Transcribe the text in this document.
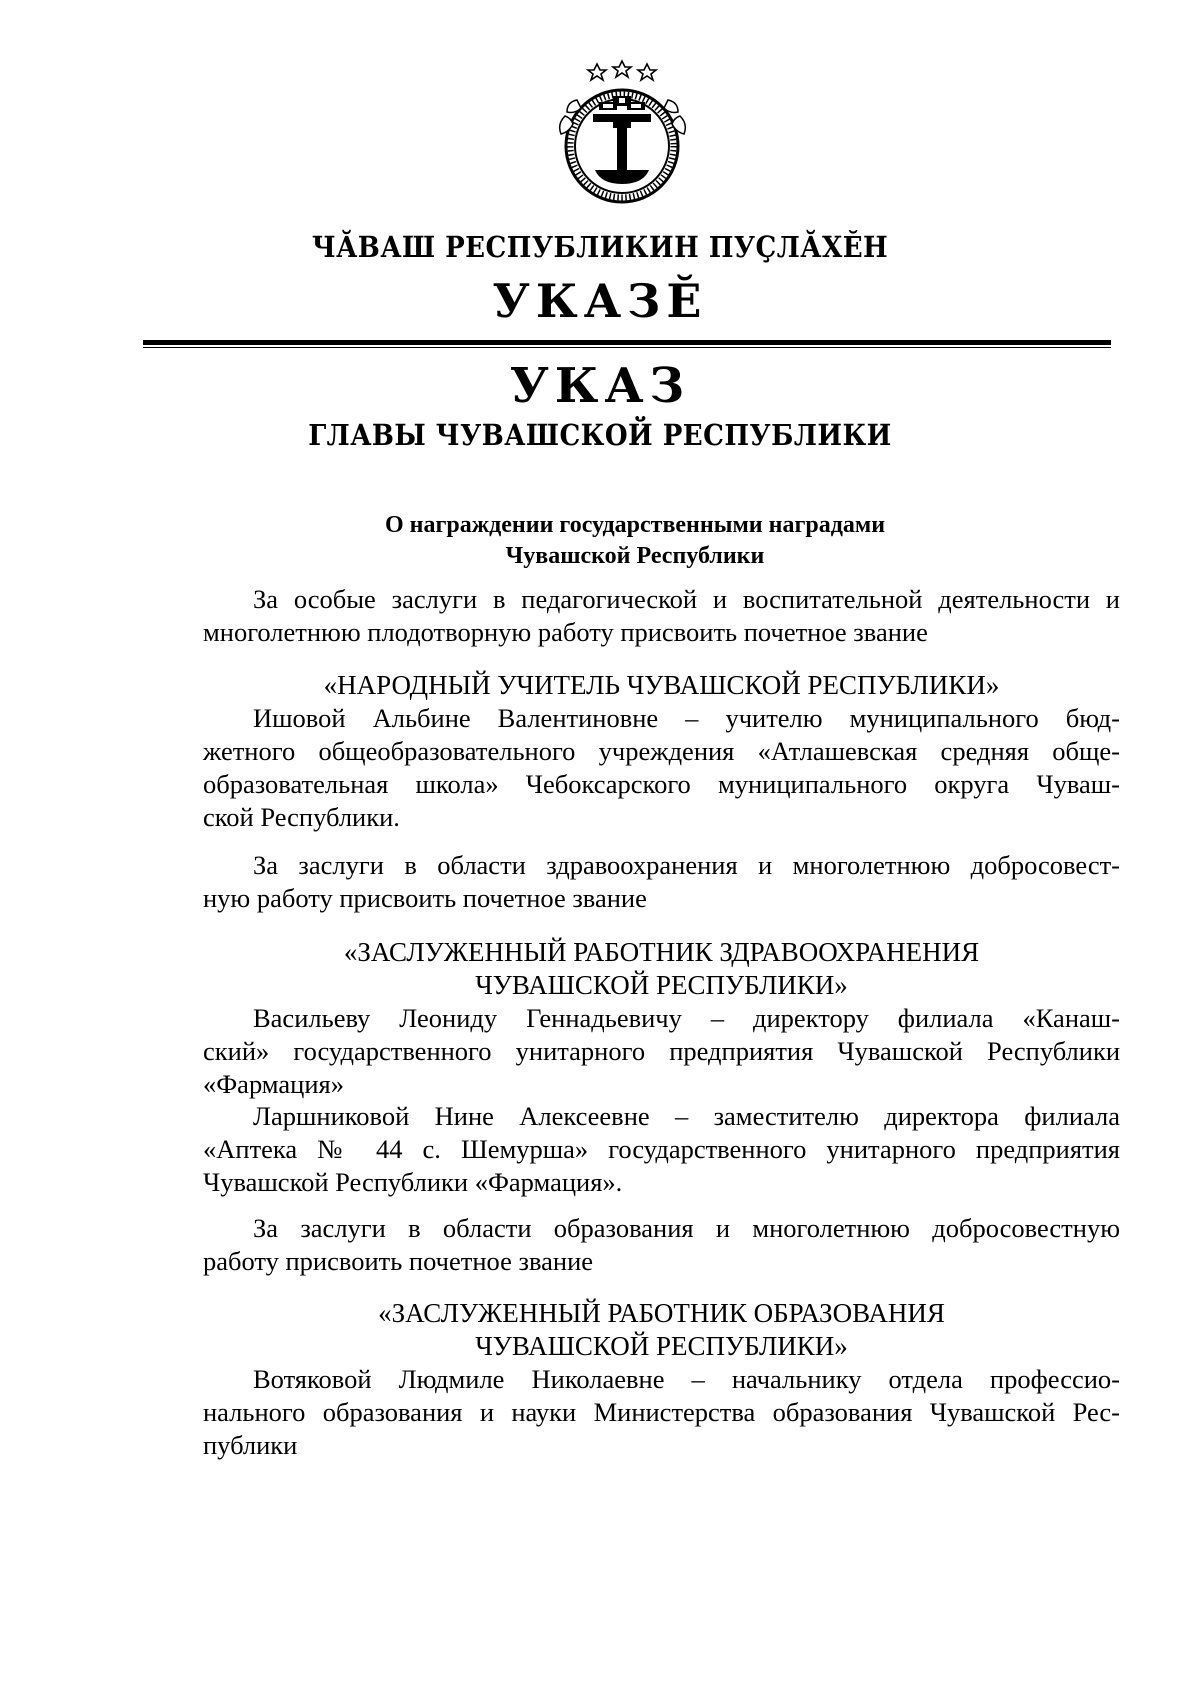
ЧӐВАШ РЕСПУБЛИКИН ПУҪЛӐХӖН
УКАЗӖ
УКАЗ
ГЛАВЫ ЧУВАШСКОЙ РЕСПУБЛИКИ
О награждении государственными наградами
Чувашской Республики
За особые заслуги в педагогической и воспитательной деятельности и
многолетнюю плодотворную работу присвоить почетное звание
«НАРОДНЫЙ УЧИТЕЛЬ ЧУВАШСКОЙ РЕСПУБЛИКИ»
Ишовой Альбине Валентиновне – учителю муниципального бюд-
жетного общеобразовательного учреждения «Атлашевская средняя обще-
образовательная школа» Чебоксарского муниципального округа Чуваш-
ской Республики.
За заслуги в области здравоохранения и многолетнюю добросовест-
ную работу присвоить почетное звание
«ЗАСЛУЖЕННЫЙ РАБОТНИК ЗДРАВООХРАНЕНИЯ
ЧУВАШСКОЙ РЕСПУБЛИКИ»
Васильеву Леониду Геннадьевичу – директору филиала «Канаш-
ский» государственного унитарного предприятия Чувашской Республики
«Фармация»
Ларшниковой Нине Алексеевне – заместителю директора филиала
«Аптека № 44 с. Шемурша» государственного унитарного предприятия
Чувашской Республики «Фармация».
За заслуги в области образования и многолетнюю добросовестную
работу присвоить почетное звание
«ЗАСЛУЖЕННЫЙ РАБОТНИК ОБРАЗОВАНИЯ
ЧУВАШСКОЙ РЕСПУБЛИКИ»
Вотяковой Людмиле Николаевне – начальнику отдела профессио-
нального образования и науки Министерства образования Чувашской Рес-
публики
